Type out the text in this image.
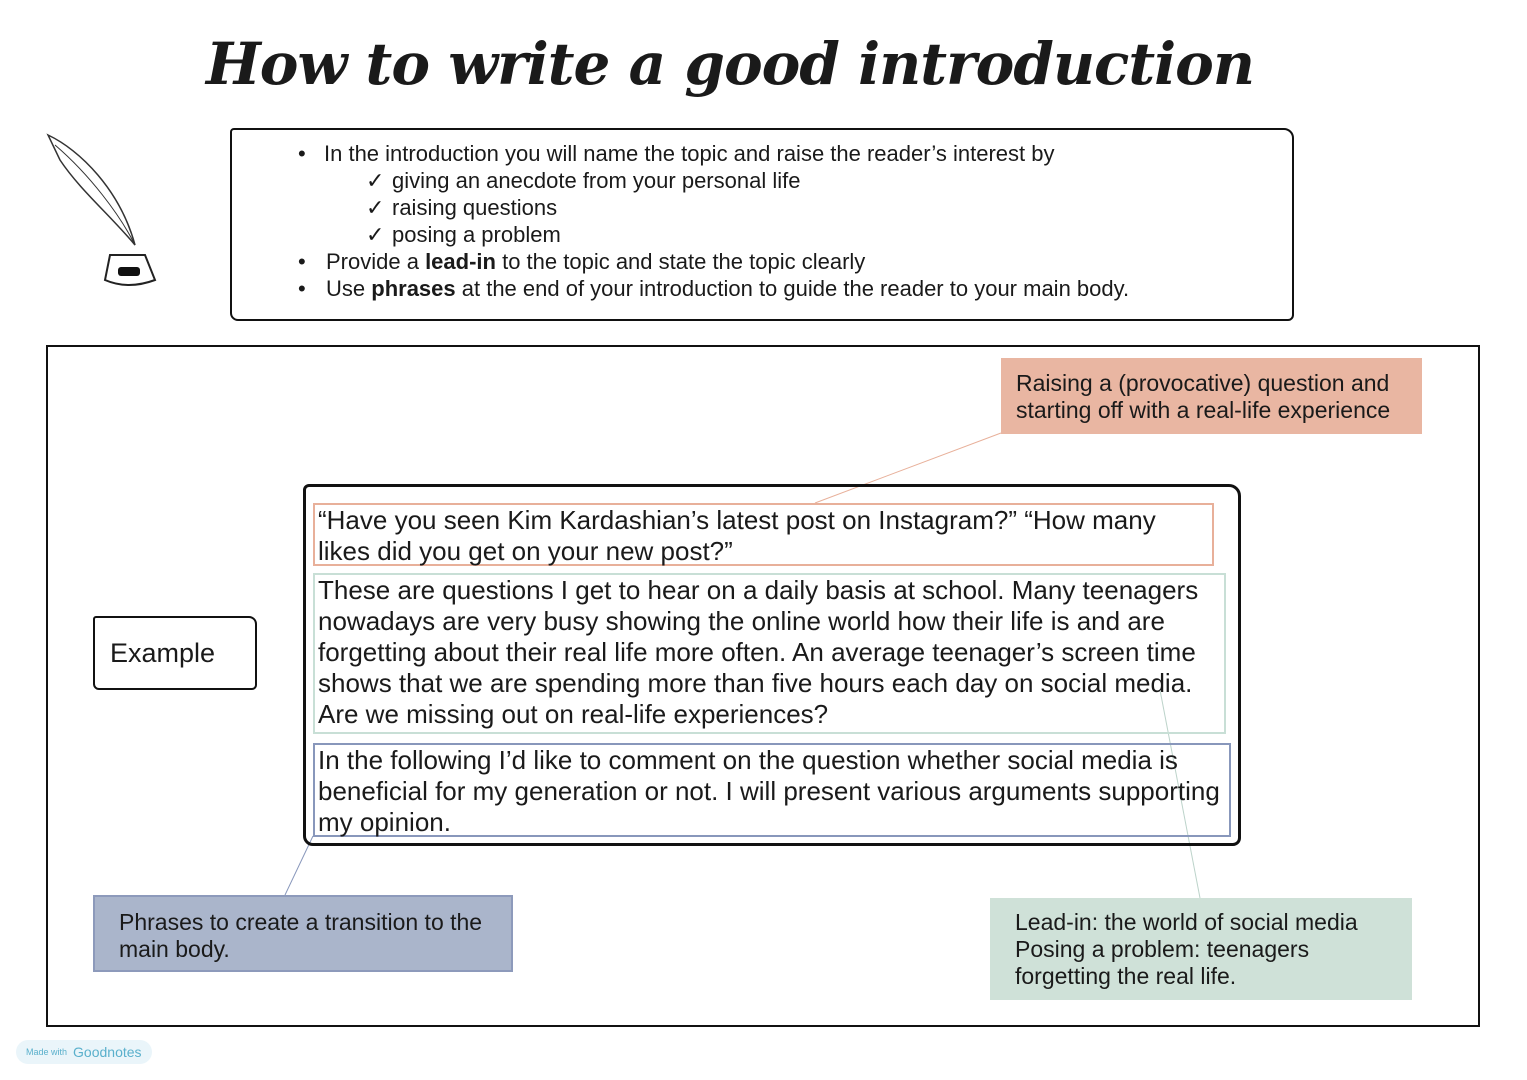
How to write a good introduction
• In the introduction you will name the topic and raise the reader’s interest by
✓ giving an anecdote from your personal life
✓ raising questions
✓ posing a problem
• Provide a lead-in to the topic and state the topic clearly
• Use phrases at the end of your introduction to guide the reader to your main body.
Raising a (provocative) question and starting off with a real-life experience
“Have you seen Kim Kardashian’s latest post on Instagram?” “How many likes did you get on your new post?”
These are questions I get to hear on a daily basis at school. Many teenagers nowadays are very busy showing the online world how their life is and are forgetting about their real life more often. An average teenager’s screen time shows that we are spending more than five hours each day on social media. Are we missing out on real-life experiences?
In the following I’d like to comment on the question whether social media is beneficial for my generation or not. I will present various arguments supporting my opinion.
Example
Phrases to create a transition to the main body.
Lead-in: the world of social media
Posing a problem: teenagers
forgetting the real life.
Made with Goodnotes
